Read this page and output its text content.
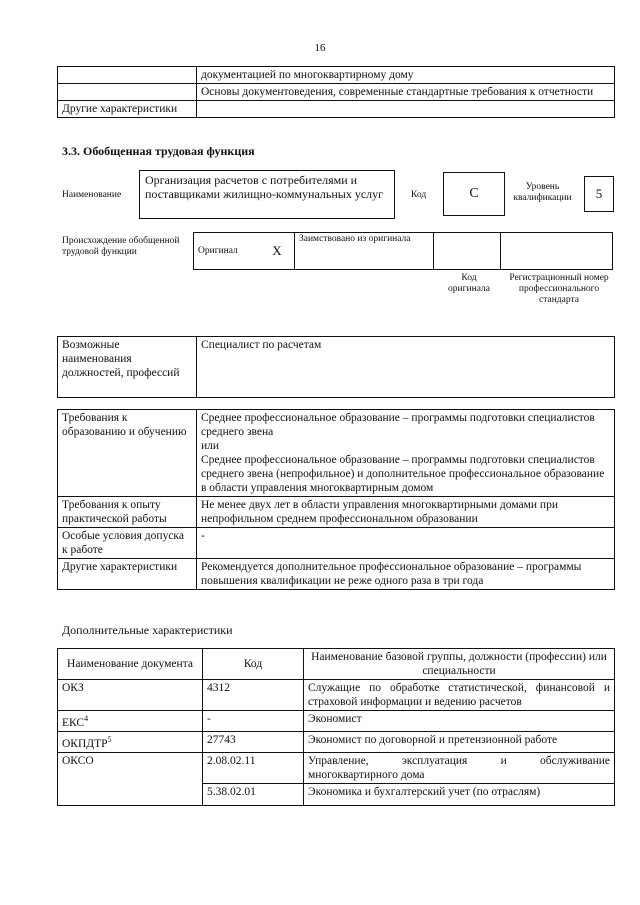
16
	документацией по многоквартирному дому
	Основы документоведения, современные стандартные требования к отчетности
Другие характеристики	
3.3. Обобщенная трудовая функция
Наименование
Организация расчетов с потребителями и поставщиками жилищно-коммунальных услуг	Код	C	Уровень квалификации	5
Происхождение обобщенной трудовой функции	Оригинал	X	Заимствовано из оригинала		
Код оригинала
Регистрационный номер профессионального стандарта
Возможные наименования должностей, профессий	Специалист по расчетам
Требования к образованию и обучению	Среднее профессиональное образование – программы подготовки специалистов среднего звена
или
Среднее профессиональное образование – программы подготовки специалистов среднего звена (непрофильное) и дополнительное профессиональное образование в области управления многоквартирным домом

Требования к опыту практической работы	Не менее двух лет в области управления многоквартирными домами при непрофильном среднем профессиональном образовании
Особые условия допуска к работе	-
Другие характеристики	Рекомендуется дополнительное профессиональное образование – программы повышения квалификации не реже одного раза в три года
Дополнительные характеристики
Наименование документа	Код	Наименование базовой группы, должности (профессии) или специальности
ОКЗ	4312	Служащие по обработке статистической, финансовой и страховой информации и ведению расчетов
ЕКС$^4$	-	Экономист
ОКПДТР$^5$	27743	Экономист по договорной и претензионной работе
ОКСО	2.08.02.11	Управление, эксплуатация и обслуживание многоквартирного дома
	5.38.02.01	Экономика и бухгалтерский учет (по отраслям)
